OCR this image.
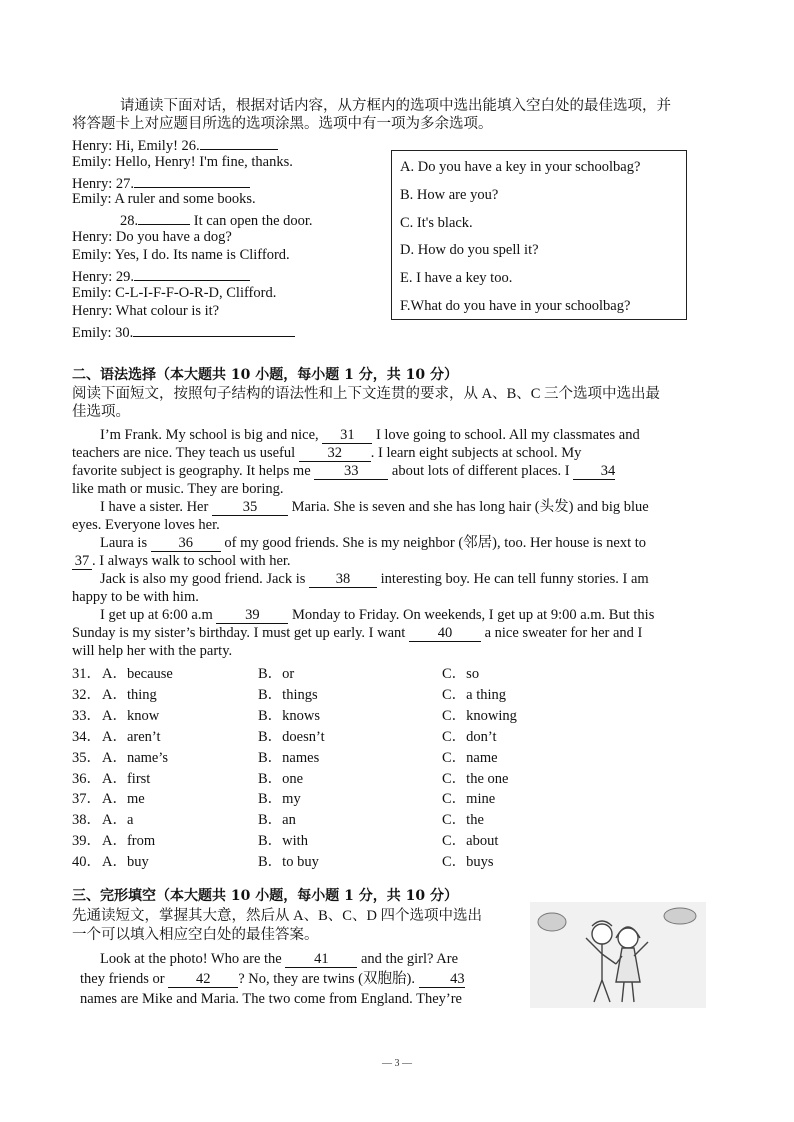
请通读下面对话，根据对话内容，从方框内的选项中选出能填入空白处的最佳选项，并
将答题卡上对应题目所选的选项涂黑。选项中有一项为多余选项。
Henry: Hi, Emily! 26.
Emily: Hello, Henry! I'm fine, thanks.
Henry: 27.
Emily: A ruler and some books.
28.	It can open the door.
Henry: Do you have a dog?
Emily: Yes, I do. Its name is Clifford.
Henry: 29.
Emily: C-L-I-F-F-O-R-D, Clifford.
Henry: What colour is it?
Emily: 30.
A. Do you have a key in your schoolbag?
B. How are you?
C. It's black.
D. How do you spell it?
E. I have a key too.
F.What do you have in your schoolbag?
二、语法选择（本大题共 10 小题，每小题 1 分，共 10 分）
阅读下面短文，按照句子结构的语法性和上下文连贯的要求，从 A、B、C 三个选项中选出最
佳选项。
I’m Frank. My school is big and nice, 31 I love going to school. All my classmates and
teachers are nice. They teach us useful 32 . I learn eight subjects at school. My
favorite subject is geography. It helps me 33 about lots of different places. I 34
like math or music. They are boring.
I have a sister. Her 35 Maria. She is seven and she has long hair (头发) and big blue
eyes. Everyone loves her.
Laura is 36 of my good friends. She is my neighbor (邻居), too. Her house is next to
37 . I always walk to school with her.
Jack is also my good friend. Jack is 38 interesting boy. He can tell funny stories. I am
happy to be with him.
I get up at 6:00 a.m 39 Monday to Friday. On weekends, I get up at 9:00 a.m. But this
Sunday is my sister’s birthday. I must get up early. I want 40 a nice sweater for her and I
will help her with the party.
31． A．because	B．or	C．so
32． A．thing	B．things	C．a thing
33． A．know	B．knows	C．knowing
34． A．aren’t	B．doesn’t	C．don’t
35． A．name’s	B．names	C．name
36． A．first	B．one	C．the one
37． A．me	B．my	C．mine
38． A．a	B．an	C．the
39． A．from	B．with	C．about
40． A．buy	B．to buy	C．buys
三、完形填空（本大题共 10 小题，每小题 1 分，共 10 分）
先通读短文，掌握其大意，然后从 A、B、C、D 四个选项中选出
一个可以填入相应空白处的最佳答案。
Look at the photo! Who are the 41 and the girl? Are
they friends or 42 ? No, they are twins (双胞胎). 43
names are Mike and Maria. The two come from England. They’re
— 3 —
